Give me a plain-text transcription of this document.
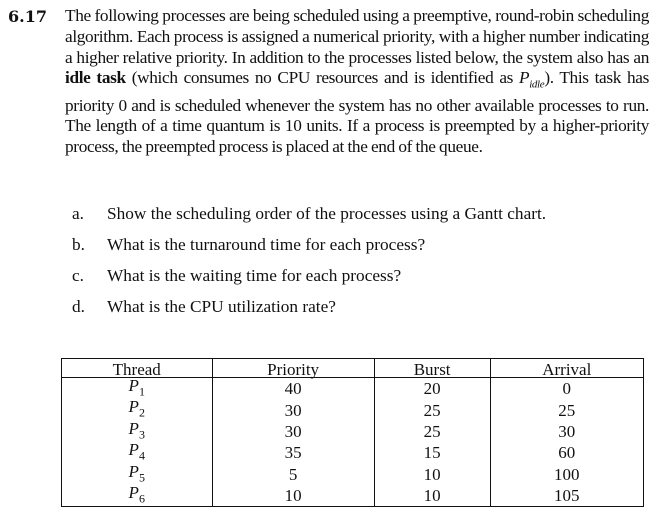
6.17 The following processes are being scheduled using a preemptive, round-robin scheduling algorithm. Each process is assigned a numerical priority, with a higher number indicating a higher relative priority. In addition to the processes listed below, the system also has an idle task (which consumes no CPU resources and is identified as $P_{idle}$). This task has priority 0 and is scheduled whenever the system has no other available processes to run. The length of a time quantum is 10 units. If a process is preempted by a higher-priority process, the preempted process is placed at the end of the queue.
a.	Show the scheduling order of the processes using a Gantt chart.
b.	What is the turnaround time for each process?
c.	What is the waiting time for each process?
d.	What is the CPU utilization rate?
Thread	Priority	Burst	Arrival
$P_1$	40	20	0
$P_2$	30	25	25
$P_3$	30	25	30
$P_4$	35	15	60
$P_5$	5	10	100
$P_6$	10	10	105
